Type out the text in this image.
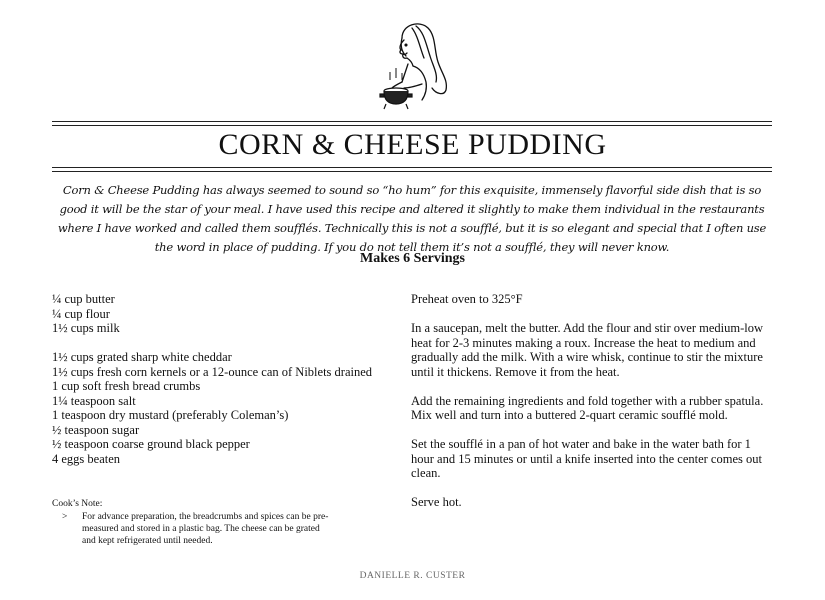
CORN & CHEESE PUDDING

Corn & Cheese Pudding has always seemed to sound so “ho hum” for this exquisite, immensely flavorful side dish that is so good it will be the star of your meal. I have used this recipe and altered it slightly to make them individual in the restaurants where I have worked and called them soufflés. Technically this is not a soufflé, but it is so elegant and special that I often use the word in place of pudding. If you do not tell them it’s not a soufflé, they will never know.

Makes 6 Servings

¼ cup butter

¼ cup flour

1½ cups milk

1½ cups grated sharp white cheddar

1½ cups fresh corn kernels or a 12-ounce can of Niblets drained

1 cup soft fresh bread crumbs

1¼ teaspoon salt

1 teaspoon dry mustard (preferably Coleman’s)

½ teaspoon sugar

½ teaspoon coarse ground black pepper

4 eggs beaten

Preheat oven to 325°F

In a saucepan, melt the butter. Add the flour and stir over medium-low heat for 2-3 minutes making a roux. Increase the heat to medium and gradually add the milk. With a wire whisk, continue to stir the mixture until it thickens. Remove it from the heat.

Add the remaining ingredients and fold together with a rubber spatula. Mix well and turn into a buttered 2-quart ceramic soufflé mold.

Set the soufflé in a pan of hot water and bake in the water bath for 1 hour and 15 minutes or until a knife inserted into the center comes out clean.

Serve hot.

Cook’s Note:

>	For advance preparation, the breadcrumbs and spices can be pre-measured and stored in a plastic bag. The cheese can be grated and kept refrigerated until needed.

DANIELLE R. CUSTER
